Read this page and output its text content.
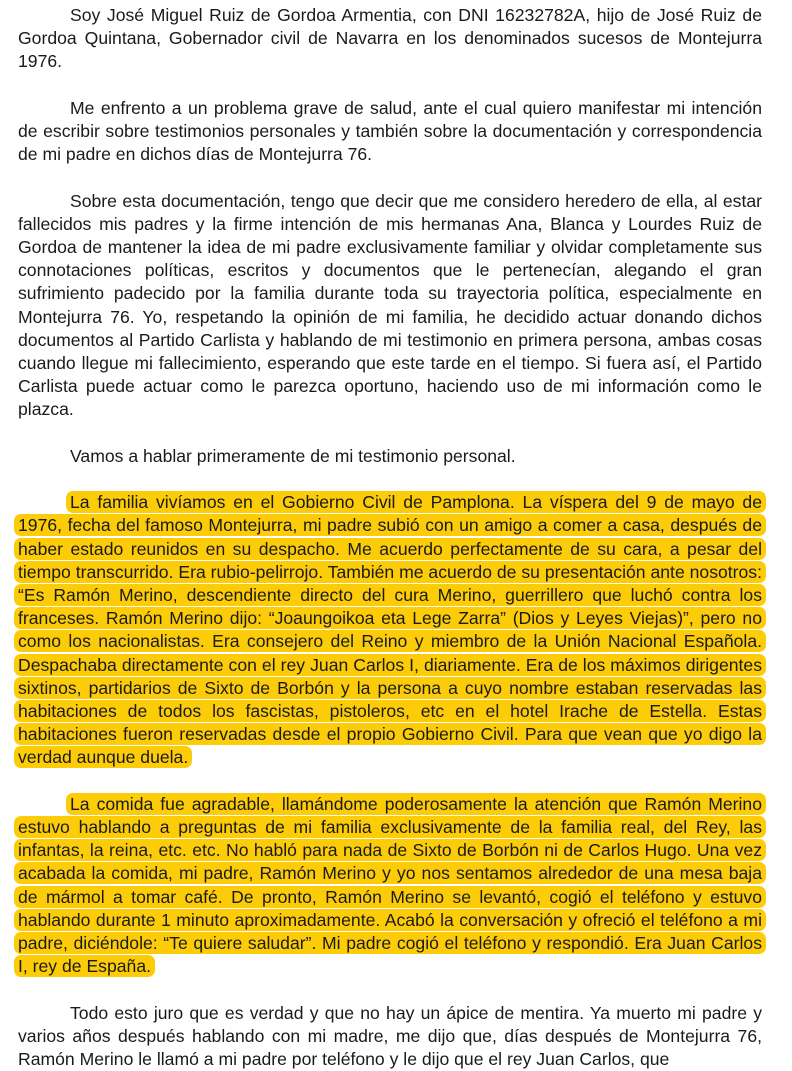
Soy José Miguel Ruiz de Gordoa Armentia, con DNI 16232782A, hijo de José Ruiz de Gordoa Quintana, Gobernador civil de Navarra en los denominados sucesos de Montejurra 1976.

Me enfrento a un problema grave de salud, ante el cual quiero manifestar mi intención de escribir sobre testimonios personales y también sobre la documentación y correspondencia de mi padre en dichos días de Montejurra 76.

Sobre esta documentación, tengo que decir que me considero heredero de ella, al estar fallecidos mis padres y la firme intención de mis hermanas Ana, Blanca y Lourdes Ruiz de Gordoa de mantener la idea de mi padre exclusivamente familiar y olvidar completamente sus connotaciones políticas, escritos y documentos que le pertenecían, alegando el gran sufrimiento padecido por la familia durante toda su trayectoria política, especialmente en Montejurra 76. Yo, respetando la opinión de mi familia, he decidido actuar donando dichos documentos al Partido Carlista y hablando de mi testimonio en primera persona, ambas cosas cuando llegue mi fallecimiento, esperando que este tarde en el tiempo. Si fuera así, el Partido Carlista puede actuar como le parezca oportuno, haciendo uso de mi información como le plazca.

Vamos a hablar primeramente de mi testimonio personal.

La familia vivíamos en el Gobierno Civil de Pamplona. La víspera del 9 de mayo de 1976, fecha del famoso Montejurra, mi padre subió con un amigo a comer a casa, después de haber estado reunidos en su despacho. Me acuerdo perfectamente de su cara, a pesar del tiempo transcurrido. Era rubio-pelirrojo. También me acuerdo de su presentación ante nosotros: “Es Ramón Merino, descendiente directo del cura Merino, guerrillero que luchó contra los franceses. Ramón Merino dijo: “Joaungoikoa eta Lege Zarra” (Dios y Leyes Viejas)”, pero no como los nacionalistas. Era consejero del Reino y miembro de la Unión Nacional Española. Despachaba directamente con el rey Juan Carlos I, diariamente. Era de los máximos dirigentes sixtinos, partidarios de Sixto de Borbón y la persona a cuyo nombre estaban reservadas las habitaciones de todos los fascistas, pistoleros, etc en el hotel Irache de Estella. Estas habitaciones fueron reservadas desde el propio Gobierno Civil. Para que vean que yo digo la verdad aunque duela.

La comida fue agradable, llamándome poderosamente la atención que Ramón Merino estuvo hablando a preguntas de mi familia exclusivamente de la familia real, del Rey, las infantas, la reina, etc. etc. No habló para nada de Sixto de Borbón ni de Carlos Hugo. Una vez acabada la comida, mi padre, Ramón Merino y yo nos sentamos alrededor de una mesa baja de mármol a tomar café. De pronto, Ramón Merino se levantó, cogió el teléfono y estuvo hablando durante 1 minuto aproximadamente. Acabó la conversación y ofreció el teléfono a mi padre, diciéndole: “Te quiere saludar”. Mi padre cogió el teléfono y respondió. Era Juan Carlos I, rey de España.

Todo esto juro que es verdad y que no hay un ápice de mentira. Ya muerto mi padre y varios años después hablando con mi madre, me dijo que, días después de Montejurra 76, Ramón Merino le llamó a mi padre por teléfono y le dijo que el rey Juan Carlos, que
